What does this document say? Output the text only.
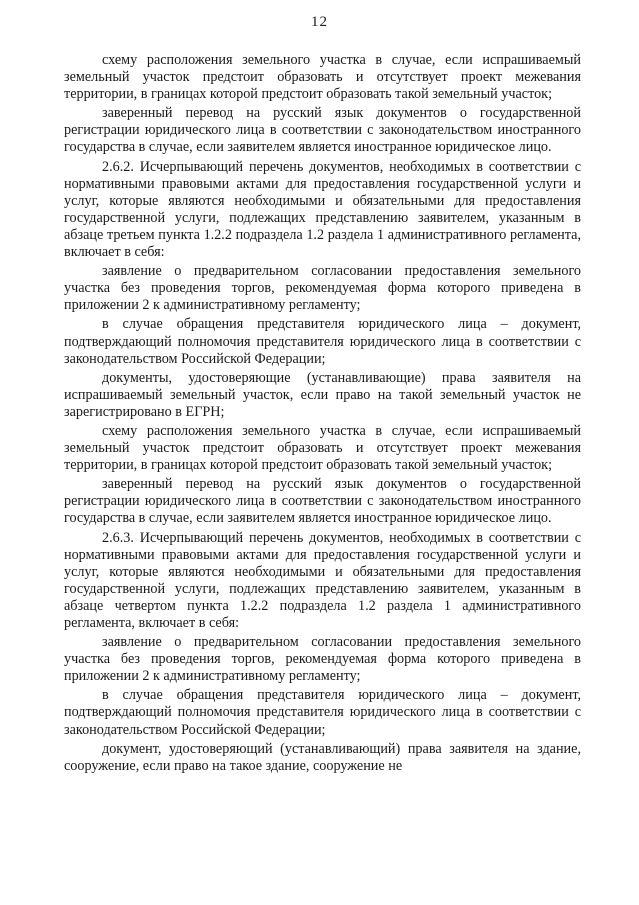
12

схему расположения земельного участка в случае, если испрашиваемый земельный участок предстоит образовать и отсутствует проект межевания территории, в границах которой предстоит образовать такой земельный участок;

заверенный перевод на русский язык документов о государственной регистрации юридического лица в соответствии с законодательством иностранного государства в случае, если заявителем является иностранное юридическое лицо.

2.6.2. Исчерпывающий перечень документов, необходимых в соответствии с нормативными правовыми актами для предоставления государственной услуги и услуг, которые являются необходимыми и обязательными для предоставления государственной услуги, подлежащих представлению заявителем, указанным в абзаце третьем пункта 1.2.2 подраздела 1.2 раздела 1 административного регламента, включает в себя:

заявление о предварительном согласовании предоставления земельного участка без проведения торгов, рекомендуемая форма которого приведена в приложении 2 к административному регламенту;

в случае обращения представителя юридического лица – документ, подтверждающий полномочия представителя юридического лица в соответствии с законодательством Российской Федерации;

документы, удостоверяющие (устанавливающие) права заявителя на испрашиваемый земельный участок, если право на такой земельный участок не зарегистрировано в ЕГРН;

схему расположения земельного участка в случае, если испрашиваемый земельный участок предстоит образовать и отсутствует проект межевания территории, в границах которой предстоит образовать такой земельный участок;

заверенный перевод на русский язык документов о государственной регистрации юридического лица в соответствии с законодательством иностранного государства в случае, если заявителем является иностранное юридическое лицо.

2.6.3. Исчерпывающий перечень документов, необходимых в соответствии с нормативными правовыми актами для предоставления государственной услуги и услуг, которые являются необходимыми и обязательными для предоставления государственной услуги, подлежащих представлению заявителем, указанным в абзаце четвертом пункта 1.2.2 подраздела 1.2 раздела 1 административного регламента, включает в себя:

заявление о предварительном согласовании предоставления земельного участка без проведения торгов, рекомендуемая форма которого приведена в приложении 2 к административному регламенту;

в случае обращения представителя юридического лица – документ, подтверждающий полномочия представителя юридического лица в соответствии с законодательством Российской Федерации;

документ, удостоверяющий (устанавливающий) права заявителя на здание, сооружение, если право на такое здание, сооружение не
